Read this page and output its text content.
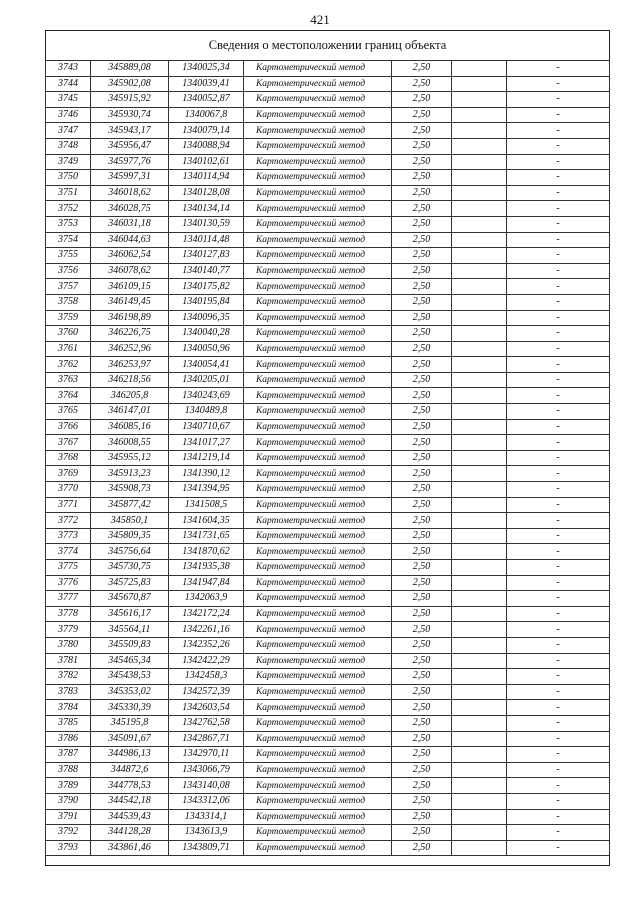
421
Сведения о местоположении границ объекта
3743	345889,08	1340025,34	Картометрический метод	2,50		-
3744	345902,08	1340039,41	Картометрический метод	2,50		-
3745	345915,92	1340052,87	Картометрический метод	2,50		-
3746	345930,74	1340067,8	Картометрический метод	2,50		-
3747	345943,17	1340079,14	Картометрический метод	2,50		-
3748	345956,47	1340088,94	Картометрический метод	2,50		-
3749	345977,76	1340102,61	Картометрический метод	2,50		-
3750	345997,31	1340114,94	Картометрический метод	2,50		-
3751	346018,62	1340128,08	Картометрический метод	2,50		-
3752	346028,75	1340134,14	Картометрический метод	2,50		-
3753	346031,18	1340130,59	Картометрический метод	2,50		-
3754	346044,63	1340114,48	Картометрический метод	2,50		-
3755	346062,54	1340127,83	Картометрический метод	2,50		-
3756	346078,62	1340140,77	Картометрический метод	2,50		-
3757	346109,15	1340175,82	Картометрический метод	2,50		-
3758	346149,45	1340195,84	Картометрический метод	2,50		-
3759	346198,89	1340096,35	Картометрический метод	2,50		-
3760	346226,75	1340040,28	Картометрический метод	2,50		-
3761	346252,96	1340050,96	Картометрический метод	2,50		-
3762	346253,97	1340054,41	Картометрический метод	2,50		-
3763	346218,56	1340205,01	Картометрический метод	2,50		-
3764	346205,8	1340243,69	Картометрический метод	2,50		-
3765	346147,01	1340489,8	Картометрический метод	2,50		-
3766	346085,16	1340710,67	Картометрический метод	2,50		-
3767	346008,55	1341017,27	Картометрический метод	2,50		-
3768	345955,12	1341219,14	Картометрический метод	2,50		-
3769	345913,23	1341390,12	Картометрический метод	2,50		-
3770	345908,73	1341394,95	Картометрический метод	2,50		-
3771	345877,42	1341508,5	Картометрический метод	2,50		-
3772	345850,1	1341604,35	Картометрический метод	2,50		-
3773	345809,35	1341731,65	Картометрический метод	2,50		-
3774	345756,64	1341870,62	Картометрический метод	2,50		-
3775	345730,75	1341935,38	Картометрический метод	2,50		-
3776	345725,83	1341947,84	Картометрический метод	2,50		-
3777	345670,87	1342063,9	Картометрический метод	2,50		-
3778	345616,17	1342172,24	Картометрический метод	2,50		-
3779	345564,11	1342261,16	Картометрический метод	2,50		-
3780	345509,83	1342352,26	Картометрический метод	2,50		-
3781	345465,34	1342422,29	Картометрический метод	2,50		-
3782	345438,53	1342458,3	Картометрический метод	2,50		-
3783	345353,02	1342572,39	Картометрический метод	2,50		-
3784	345330,39	1342603,54	Картометрический метод	2,50		-
3785	345195,8	1342762,58	Картометрический метод	2,50		-
3786	345091,67	1342867,71	Картометрический метод	2,50		-
3787	344986,13	1342970,11	Картометрический метод	2,50		-
3788	344872,6	1343066,79	Картометрический метод	2,50		-
3789	344778,53	1343140,08	Картометрический метод	2,50		-
3790	344542,18	1343312,06	Картометрический метод	2,50		-
3791	344539,43	1343314,1	Картометрический метод	2,50		-
3792	344128,28	1343613,9	Картометрический метод	2,50		-
3793	343861,46	1343809,71	Картометрический метод	2,50		-
